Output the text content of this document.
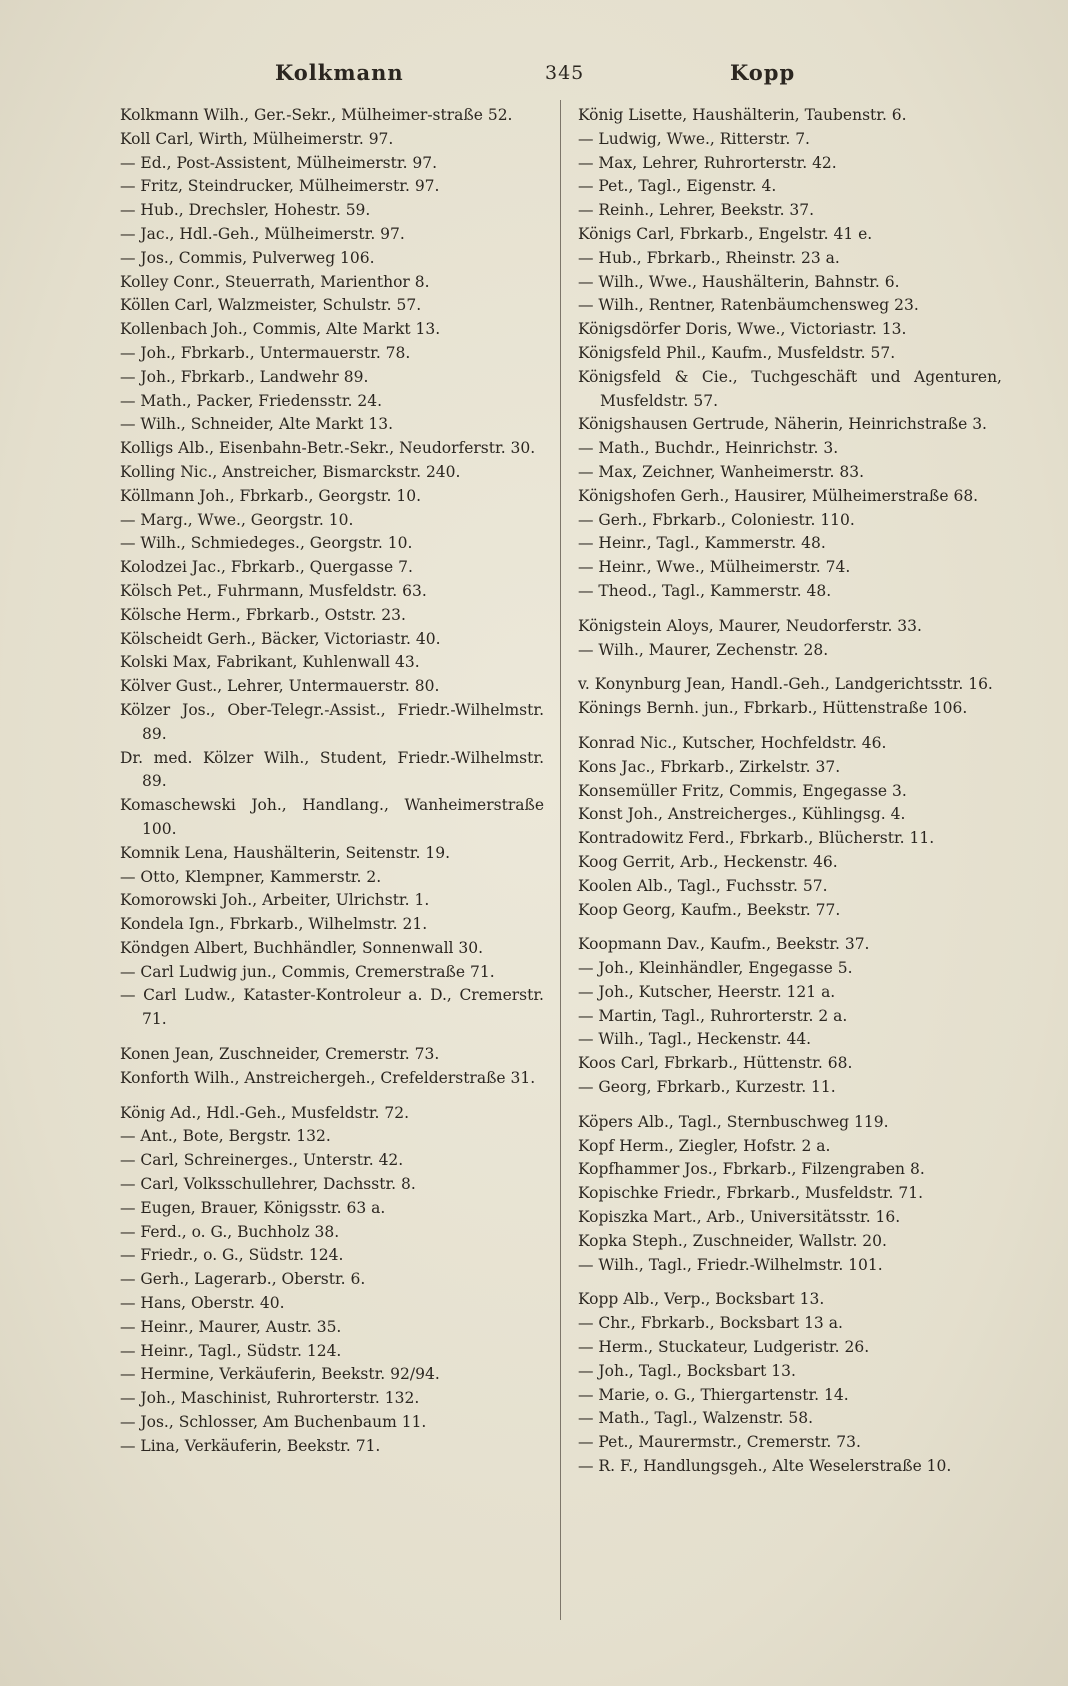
Kolkmann	345	Kopp

Kolkmann Wilh., Ger.-Sekr., Mülheimer-straße 52.

Koll Carl, Wirth, Mülheimerstr. 97.

— Ed., Post-Assistent, Mülheimerstr. 97.

— Fritz, Steindrucker, Mülheimerstr. 97.

— Hub., Drechsler, Hohestr. 59.

— Jac., Hdl.-Geh., Mülheimerstr. 97.

— Jos., Commis, Pulverweg 106.

Kolley Conr., Steuerrath, Marienthor 8.

Köllen Carl, Walzmeister, Schulstr. 57.

Kollenbach Joh., Commis, Alte Markt 13.

— Joh., Fbrkarb., Untermauerstr. 78.

— Joh., Fbrkarb., Landwehr 89.

— Math., Packer, Friedensstr. 24.

— Wilh., Schneider, Alte Markt 13.

Kolligs Alb., Eisenbahn-Betr.-Sekr., Neudorferstr. 30.

Kolling Nic., Anstreicher, Bismarckstr. 240.

Köllmann Joh., Fbrkarb., Georgstr. 10.

— Marg., Wwe., Georgstr. 10.

— Wilh., Schmiedeges., Georgstr. 10.

Kolodzei Jac., Fbrkarb., Quergasse 7.

Kölsch Pet., Fuhrmann, Musfeldstr. 63.

Kölsche Herm., Fbrkarb., Oststr. 23.

Kölscheidt Gerh., Bäcker, Victoriastr. 40.

Kolski Max, Fabrikant, Kuhlenwall 43.

Kölver Gust., Lehrer, Untermauerstr. 80.

Kölzer Jos., Ober-Telegr.-Assist., Friedr.-Wilhelmstr. 89.

Dr. med. Kölzer Wilh., Student, Friedr.-Wilhelmstr. 89.

Komaschewski Joh., Handlang., Wanheimerstraße 100.

Komnik Lena, Haushälterin, Seitenstr. 19.

— Otto, Klempner, Kammerstr. 2.

Komorowski Joh., Arbeiter, Ulrichstr. 1.

Kondela Ign., Fbrkarb., Wilhelmstr. 21.

Köndgen Albert, Buchhändler, Sonnenwall 30.

— Carl Ludwig jun., Commis, Cremerstraße 71.

— Carl Ludw., Kataster-Kontroleur a. D., Cremerstr. 71.

Konen Jean, Zuschneider, Cremerstr. 73.

Konforth Wilh., Anstreichergeh., Crefelderstraße 31.

König Ad., Hdl.-Geh., Musfeldstr. 72.

— Ant., Bote, Bergstr. 132.

— Carl, Schreinerges., Unterstr. 42.

— Carl, Volksschullehrer, Dachsstr. 8.

— Eugen, Brauer, Königsstr. 63 a.

— Ferd., o. G., Buchholz 38.

— Friedr., o. G., Südstr. 124.

— Gerh., Lagerarb., Oberstr. 6.

— Hans, Oberstr. 40.

— Heinr., Maurer, Austr. 35.

— Heinr., Tagl., Südstr. 124.

— Hermine, Verkäuferin, Beekstr. 92/94.

— Joh., Maschinist, Ruhrorterstr. 132.

— Jos., Schlosser, Am Buchenbaum 11.

— Lina, Verkäuferin, Beekstr. 71.

König Lisette, Haushälterin, Taubenstr. 6.

— Ludwig, Wwe., Ritterstr. 7.

— Max, Lehrer, Ruhrorterstr. 42.

— Pet., Tagl., Eigenstr. 4.

— Reinh., Lehrer, Beekstr. 37.

Königs Carl, Fbrkarb., Engelstr. 41 e.

— Hub., Fbrkarb., Rheinstr. 23 a.

— Wilh., Wwe., Haushälterin, Bahnstr. 6.

— Wilh., Rentner, Ratenbäumchensweg 23.

Königsdörfer Doris, Wwe., Victoriastr. 13.

Königsfeld Phil., Kaufm., Musfeldstr. 57.

Königsfeld & Cie., Tuchgeschäft und Agenturen, Musfeldstr. 57.

Königshausen Gertrude, Näherin, Heinrichstraße 3.

— Math., Buchdr., Heinrichstr. 3.

— Max, Zeichner, Wanheimerstr. 83.

Königshofen Gerh., Hausirer, Mülheimerstraße 68.

— Gerh., Fbrkarb., Coloniestr. 110.

— Heinr., Tagl., Kammerstr. 48.

— Heinr., Wwe., Mülheimerstr. 74.

— Theod., Tagl., Kammerstr. 48.

Königstein Aloys, Maurer, Neudorferstr. 33.

— Wilh., Maurer, Zechenstr. 28.

v. Konynburg Jean, Handl.-Geh., Landgerichtsstr. 16.

Könings Bernh. jun., Fbrkarb., Hüttenstraße 106.

Konrad Nic., Kutscher, Hochfeldstr. 46.

Kons Jac., Fbrkarb., Zirkelstr. 37.

Konsemüller Fritz, Commis, Engegasse 3.

Konst Joh., Anstreicherges., Kühlingsg. 4.

Kontradowitz Ferd., Fbrkarb., Blücherstr. 11.

Koog Gerrit, Arb., Heckenstr. 46.

Koolen Alb., Tagl., Fuchsstr. 57.

Koop Georg, Kaufm., Beekstr. 77.

Koopmann Dav., Kaufm., Beekstr. 37.

— Joh., Kleinhändler, Engegasse 5.

— Joh., Kutscher, Heerstr. 121 a.

— Martin, Tagl., Ruhrorterstr. 2 a.

— Wilh., Tagl., Heckenstr. 44.

Koos Carl, Fbrkarb., Hüttenstr. 68.

— Georg, Fbrkarb., Kurzestr. 11.

Köpers Alb., Tagl., Sternbuschweg 119.

Kopf Herm., Ziegler, Hofstr. 2 a.

Kopfhammer Jos., Fbrkarb., Filzengraben 8.

Kopischke Friedr., Fbrkarb., Musfeldstr. 71.

Kopiszka Mart., Arb., Universitätsstr. 16.

Kopka Steph., Zuschneider, Wallstr. 20.

— Wilh., Tagl., Friedr.-Wilhelmstr. 101.

Kopp Alb., Verp., Bocksbart 13.

— Chr., Fbrkarb., Bocksbart 13 a.

— Herm., Stuckateur, Ludgeristr. 26.

— Joh., Tagl., Bocksbart 13.

— Marie, o. G., Thiergartenstr. 14.

— Math., Tagl., Walzenstr. 58.

— Pet., Maurermstr., Cremerstr. 73.

— R. F., Handlungsgeh., Alte Weselerstraße 10.
